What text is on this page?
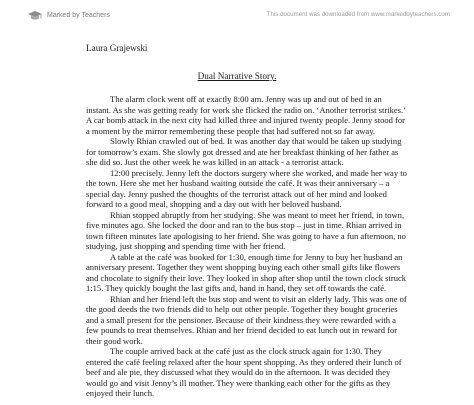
Marked by Teachers	This document was downloaded from www.markedbyteachers.com
Laura Grajewski
Dual Narrative Story.

The alarm clock went off at exactly 8:00 am. Jenny was up and out of bed in an instant. As she was getting ready for work she flicked the radio on. ‘Another terrorist strikes.’ A car bomb attack in the next city had killed three and injured twenty people. Jenny stood for a moment by the mirror remembering these people that had suffered not so far away.

Slowly Rhian crawled out of bed. It was another day that would be taken up studying for tomorrow’s exam. She slowly got dressed and ate her breakfast thinking of her father as she did so. Just the other week he was killed in an attack - a terrorist attack.

12:00 precisely. Jenny left the doctors surgery where she worked, and made her way to the town. Here she met her husband waiting outside the café. It was their anniversary – a special day. Jenny pushed the thoughts of the terrorist attack out of her mind and looked forward to a good meal, shopping and a day out with her beloved husband.

Rhian stopped abruptly from her studying. She was meant to meet her friend, in town, five minutes ago. She locked the door and ran to the bus stop – just in time. Rhian arrived in town fifteen minutes late apologising to her friend. She was going to have a fun afternoon, no studying, just shopping and spending time with her friend.

A table at the café was booked for 1:30, enough time for Jenny to buy her husband an anniversary present. Together they went shopping buying each other small gifts like flowers and chocolate to signify their love. They looked in shop after shop until the town clock struck 1:15. They quickly bought the last gifts and, hand in hand, they set off towards the café.

Rhian and her friend left the bus stop and went to visit an elderly lady. This was one of the good deeds the two friends did to help out other people. Together they bought groceries and a small present for the pensioner. Because of their kindness they were rewarded with a few pounds to treat themselves. Rhian and her friend decided to eat lunch out in reward for their good work.

The couple arrived back at the café just as the clock struck again for 1:30. They entered the café feeling relaxed after the hour spent shopping. As they ordered their lunch of beef and ale pie, they discussed what they would do in the afternoon. It was decided they would go and visit Jenny’s ill mother. They were thanking each other for the gifts as they enjoyed their lunch.
